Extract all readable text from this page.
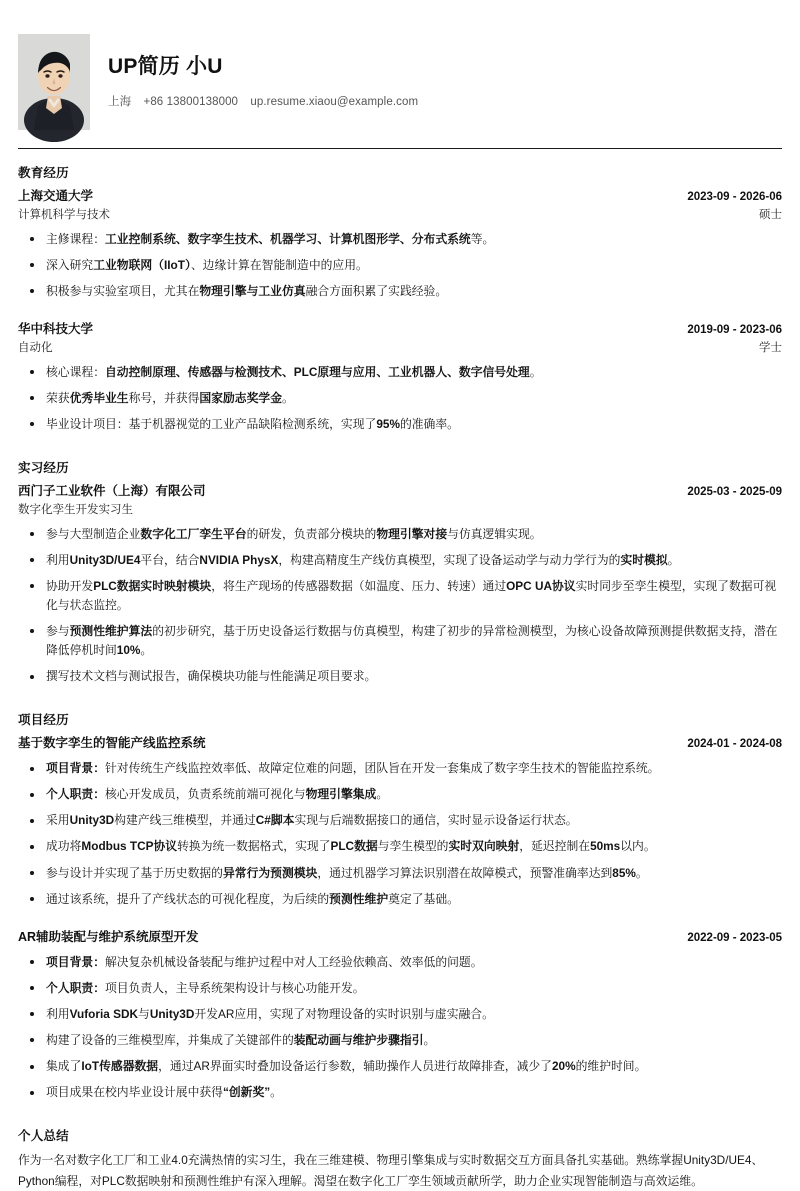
UP简历 小U
上海 +86 13800138000 up.resume.xiaou@example.com
教育经历
上海交通大学	2023-09 - 2026-06
计算机科学与技术	硕士
主修课程：工业控制系统、数字孪生技术、机器学习、计算机图形学、分布式系统等。
深入研究工业物联网（IIoT）、边缘计算在智能制造中的应用。
积极参与实验室项目，尤其在物理引擎与工业仿真融合方面积累了实践经验。
华中科技大学	2019-09 - 2023-06
自动化	学士
核心课程：自动控制原理、传感器与检测技术、PLC原理与应用、工业机器人、数字信号处理。
荣获优秀毕业生称号，并获得国家励志奖学金。
毕业设计项目：基于机器视觉的工业产品缺陷检测系统，实现了95%的准确率。
实习经历
西门子工业软件（上海）有限公司	2025-03 - 2025-09
数字化孪生开发实习生
参与大型制造企业数字化工厂孪生平台的研发，负责部分模块的物理引擎对接与仿真逻辑实现。
利用Unity3D/UE4平台，结合NVIDIA PhysX，构建高精度生产线仿真模型，实现了设备运动学与动力学行为的实时模拟。
协助开发PLC数据实时映射模块，将生产现场的传感器数据（如温度、压力、转速）通过OPC UA协议实时同步至孪生模型，实现了数据可视化与状态监控。
参与预测性维护算法的初步研究，基于历史设备运行数据与仿真模型，构建了初步的异常检测模型，为核心设备故障预测提供数据支持，潜在降低停机时间10%。
撰写技术文档与测试报告，确保模块功能与性能满足项目要求。
项目经历
基于数字孪生的智能产线监控系统	2024-01 - 2024-08
项目背景：针对传统生产线监控效率低、故障定位难的问题，团队旨在开发一套集成了数字孪生技术的智能监控系统。
个人职责：核心开发成员，负责系统前端可视化与物理引擎集成。
采用Unity3D构建产线三维模型，并通过C#脚本实现与后端数据接口的通信，实时显示设备运行状态。
成功将Modbus TCP协议转换为统一数据格式，实现了PLC数据与孪生模型的实时双向映射，延迟控制在50ms以内。
参与设计并实现了基于历史数据的异常行为预测模块，通过机器学习算法识别潜在故障模式，预警准确率达到85%。
通过该系统，提升了产线状态的可视化程度，为后续的预测性维护奠定了基础。
AR辅助装配与维护系统原型开发	2022-09 - 2023-05
项目背景：解决复杂机械设备装配与维护过程中对人工经验依赖高、效率低的问题。
个人职责：项目负责人，主导系统架构设计与核心功能开发。
利用Vuforia SDK与Unity3D开发AR应用，实现了对物理设备的实时识别与虚实融合。
构建了设备的三维模型库，并集成了关键部件的装配动画与维护步骤指引。
集成了IoT传感器数据，通过AR界面实时叠加设备运行参数，辅助操作人员进行故障排查，减少了20%的维护时间。
项目成果在校内毕业设计展中获得“创新奖”。
个人总结

作为一名对数字化工厂和工业4.0充满热情的实习生，我在三维建模、物理引擎集成与实时数据交互方面具备扎实基础。熟练掌握Unity3D/UE4、Python编程，对PLC数据映射和预测性维护有深入理解。渴望在数字化工厂孪生领域贡献所学，助力企业实现智能制造与高效运维。
